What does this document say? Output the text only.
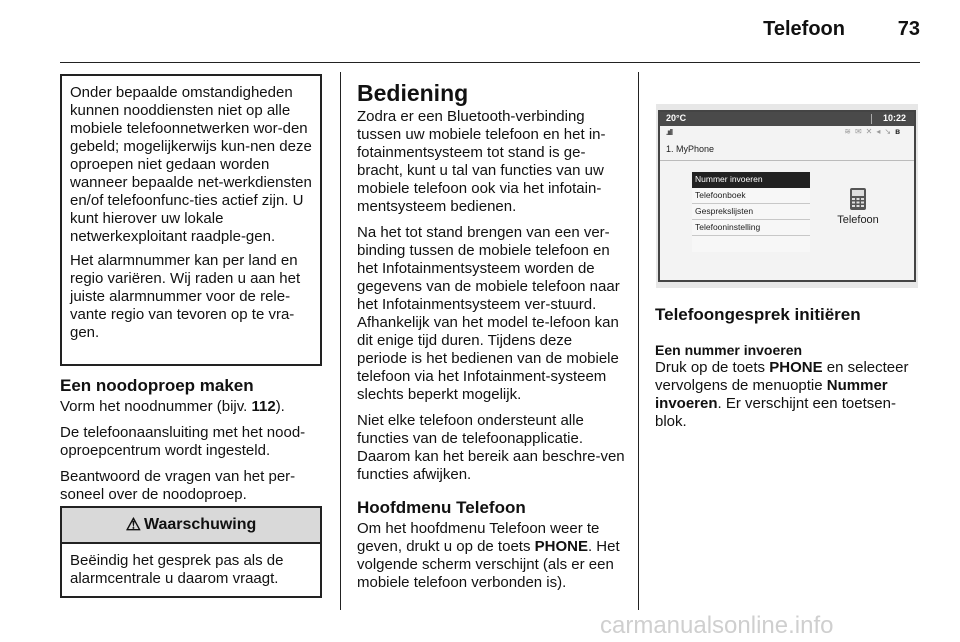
Telefoon	73

Onder bepaalde omstandigheden kunnen nooddiensten niet op alle mobiele telefoonnetwerken wor-den gebeld; mogelijkerwijs kun-nen deze oproepen niet gedaan worden wanneer bepaalde net-werkdiensten en/of telefoonfunc-ties actief zijn. U kunt hierover uw lokale netwerkexploitant raadple-gen.

Het alarmnummer kan per land en regio variëren. Wij raden u aan het juiste alarmnummer voor de rele-vante regio van tevoren op te vra-gen.

Een noodoproep maken

Vorm het noodnummer (bijv. 112).

De telefoonaansluiting met het nood-oproepcentrum wordt ingesteld.

Beantwoord de vragen van het per-soneel over de noodoproep.

⚠ Waarschuwing
Beëindig het gesprek pas als de alarmcentrale u daarom vraagt.
Bediening

Zodra er een Bluetooth-verbinding tussen uw mobiele telefoon en het in-fotainmentsysteem tot stand is ge-bracht, kunt u tal van functies van uw mobiele telefoon ook via het infotain-mentsysteem bedienen.

Na het tot stand brengen van een ver-binding tussen de mobiele telefoon en het Infotainmentsysteem worden de gegevens van de mobiele telefoon naar het Infotainmentsysteem ver-stuurd. Afhankelijk van het model te-lefoon kan dit enige tijd duren. Tijdens deze periode is het bedienen van de mobiele telefoon via het Infotainment-systeem slechts beperkt mogelijk.

Niet elke telefoon ondersteunt alle functies van de telefoonapplicatie. Daarom kan het bereik aan beschre-ven functies afwijken.

Hoofdmenu Telefoon

Om het hoofdmenu Telefoon weer te geven, drukt u op de toets PHONE. Het volgende scherm verschijnt (als er een mobiele telefoon verbonden is).

20°C	10:22
.ııll	≋✉✕◂↘ʙ
1. MyPhone
Nummer invoeren
Telefoonboek
Gesprekslijsten
Telefooninstelling
Telefoon
Telefoongesprek initiëren
Een nummer invoeren

Druk op de toets PHONE en selecteer vervolgens de menuoptie Nummer invoeren. Er verschijnt een toetsen-blok.

carmanualsonline.info
